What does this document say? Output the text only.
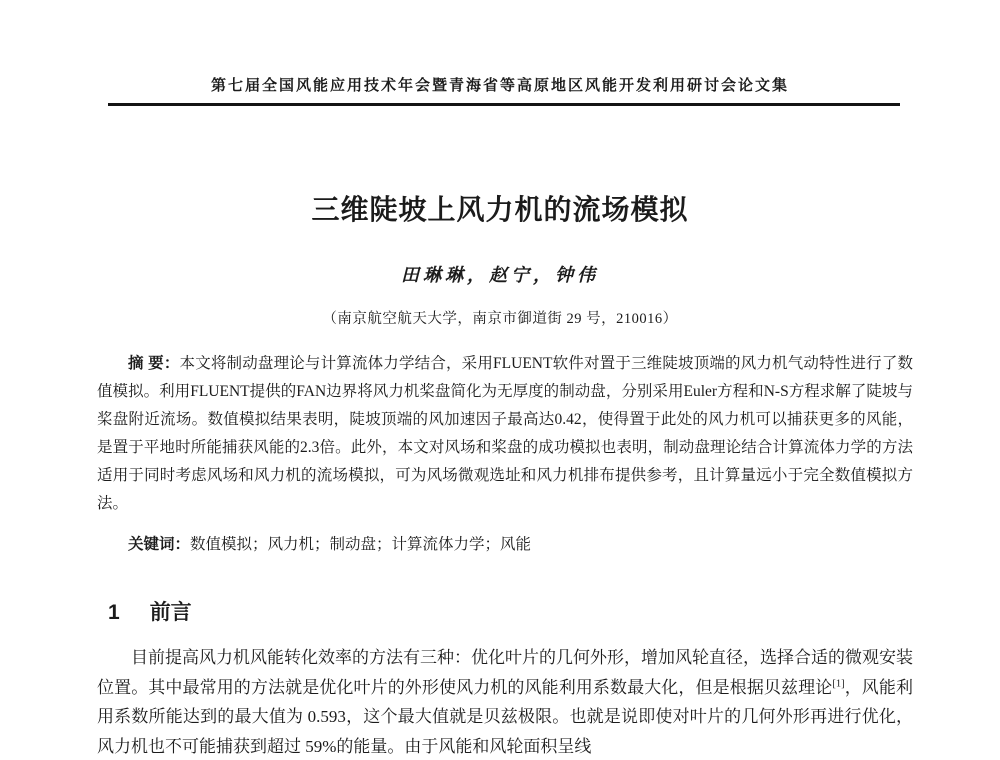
第七届全国风能应用技术年会暨青海省等高原地区风能开发利用研讨会论文集
三维陡坡上风力机的流场模拟
田琳琳，赵宁，钟伟
（南京航空航天大学，南京市御道街 29 号，210016）

摘 要：本文将制动盘理论与计算流体力学结合，采用FLUENT软件对置于三维陡坡顶端的风力机气动特性进行了数值模拟。利用FLUENT提供的FAN边界将风力机桨盘简化为无厚度的制动盘，分别采用Euler方程和N-S方程求解了陡坡与桨盘附近流场。数值模拟结果表明，陡坡顶端的风加速因子最高达0.42，使得置于此处的风力机可以捕获更多的风能，是置于平地时所能捕获风能的2.3倍。此外，本文对风场和桨盘的成功模拟也表明，制动盘理论结合计算流体力学的方法适用于同时考虑风场和风力机的流场模拟，可为风场微观选址和风力机排布提供参考，且计算量远小于完全数值模拟方法。

关键词：数值模拟；风力机；制动盘；计算流体力学；风能

1 前言

目前提高风力机风能转化效率的方法有三种：优化叶片的几何外形，增加风轮直径，选择合适的微观安装位置。其中最常用的方法就是优化叶片的外形使风力机的风能利用系数最大化，但是根据贝兹理论[1]，风能利用系数所能达到的最大值为 0.593，这个最大值就是贝兹极限。也就是说即使对叶片的几何外形再进行优化，风力机也不可能捕获到超过 59%的能量。由于风能和风轮面积呈线
